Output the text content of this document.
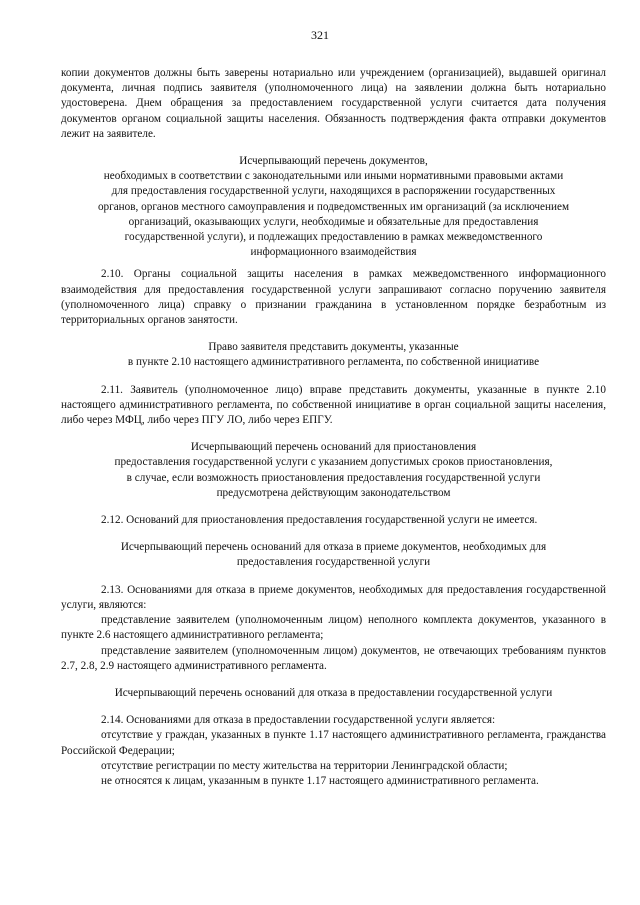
321

копии документов должны быть заверены нотариально или учреждением (организацией), выдавшей оригинал документа, личная подпись заявителя (уполномоченного лица) на заявлении должна быть нотариально удостоверена. Днем обращения за предоставлением государственной услуги считается дата получения документов органом социальной защиты населения. Обязанность подтверждения факта отправки документов лежит на заявителе.

Исчерпывающий перечень документов,

необходимых в соответствии с законодательными или иными нормативными правовыми актами

для предоставления государственной услуги, находящихся в распоряжении государственных

органов, органов местного самоуправления и подведомственных им организаций (за исключением

организаций, оказывающих услуги, необходимые и обязательные для предоставления

государственной услуги), и подлежащих предоставлению в рамках межведомственного

информационного взаимодействия

2.10. Органы социальной защиты населения в рамках межведомственного информационного взаимодействия для предоставления государственной услуги запрашивают согласно поручению заявителя (уполномоченного лица) справку о признании гражданина в установленном порядке безработным из территориальных органов занятости.

Право заявителя представить документы, указанные

в пункте 2.10 настоящего административного регламента, по собственной инициативе

2.11. Заявитель (уполномоченное лицо) вправе представить документы, указанные в пункте 2.10 настоящего административного регламента, по собственной инициативе в орган социальной защиты населения, либо через МФЦ, либо через ПГУ ЛО, либо через ЕПГУ.

Исчерпывающий перечень оснований для приостановления

предоставления государственной услуги с указанием допустимых сроков приостановления,

в случае, если возможность приостановления предоставления государственной услуги

предусмотрена действующим законодательством

2.12. Оснований для приостановления предоставления государственной услуги не имеется.

Исчерпывающий перечень оснований для отказа в приеме документов, необходимых для

предоставления государственной услуги

2.13. Основаниями для отказа в приеме документов, необходимых для предоставления государственной услуги, являются:

представление заявителем (уполномоченным лицом) неполного комплекта документов, указанного в пункте 2.6 настоящего административного регламента;

представление заявителем (уполномоченным лицом) документов, не отвечающих требованиям пунктов 2.7, 2.8, 2.9 настоящего административного регламента.

Исчерпывающий перечень оснований для отказа в предоставлении государственной услуги

2.14. Основаниями для отказа в предоставлении государственной услуги является:

отсутствие у граждан, указанных в пункте 1.17 настоящего административного регламента, гражданства Российской Федерации;

отсутствие регистрации по месту жительства на территории Ленинградской области;

не относятся к лицам, указанным в пункте 1.17 настоящего административного регламента.
